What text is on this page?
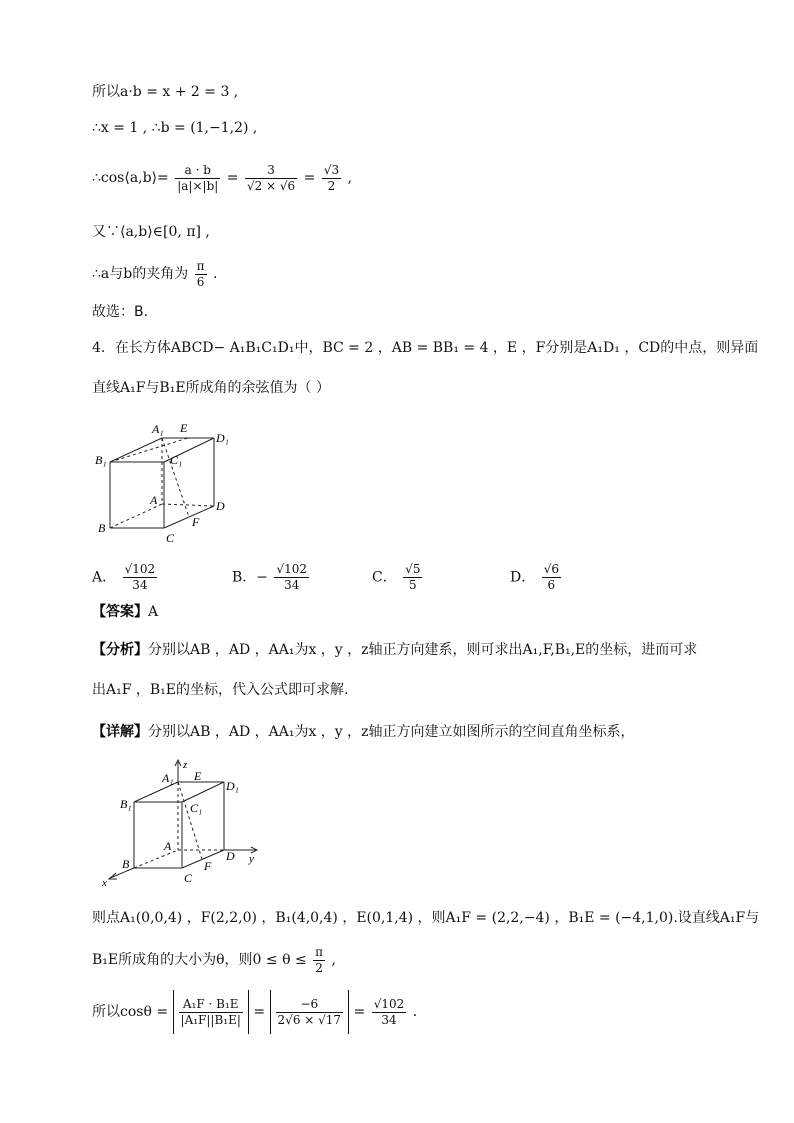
所以a·b = x + 2 = 3 ,
∴x = 1 , ∴b = (1,−1,2) ,
∴cos⟨a,b⟩= $\frac{a \cdot b}{|a|\times|b|} = \frac{3}{√2 \times √6} = \frac{√3}{2}$ ,
又∵⟨a,b⟩∈[0, π] ,
∴a与b的夹角为 $\frac{\pi}{6}$ .
故选：B.
4．在长方体ABCD− A₁B₁C₁D₁中，BC = 2 ，AB = BB₁ = 4 ，E ，F分别是A₁D₁ ，CD的中点，则异面
直线A₁F与B₁E所成角的余弦值为（ ）
A₁ E
D₁
B₁	C₁
A	D
B	F
C
A． $\frac{√102}{34}$	B．− $\frac{√102}{34}$	C． $\frac{√5}{5}$	D． $\frac{√6}{6}$
【答案】A
【分析】分别以AB ，AD ，AA₁为x ，y ，z轴正方向建系，则可求出A₁,F,B₁,E的坐标，进而可求
出A₁F ，B₁E的坐标，代入公式即可求解.
【详解】分别以AB ，AD ，AA₁为x ，y ，z轴正方向建立如图所示的空间直角坐标系，
z
A₁ E
D₁
B₁	C₁
A
D y
B	F
C
x
则点A₁(0,0,4) ，F(2,2,0) ，B₁(4,0,4) ，E(0,1,4) ，则A₁F = (2,2,−4) ，B₁E = (−4,1,0).设直线A₁F与
B₁E所成角的大小为θ，则$0 \le \theta \le \frac{\pi}{2}$ ,
所以$\cos\theta = \frac{\text{A₁F · B₁E}}{\text{|A₁F||B₁E|}} = \frac{-6}{2√6 \times √17} = \frac{√102}{34}$ .
